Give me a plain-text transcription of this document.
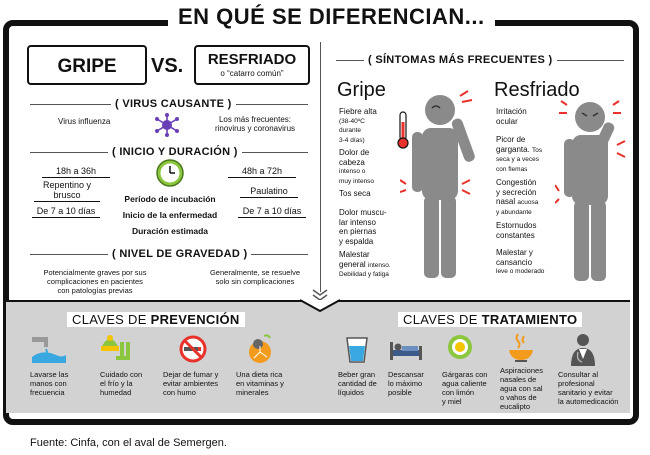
EN QUÉ SE DIFERENCIAN...
GRIPE	VS.	RESFRIADO
o “catarro común”
( VIRUS CAUSANTE )
Virus influenza	Los más frecuentes:
rinovirus y coronavirus
( INICIO Y DURACIÓN )
18h a 36h	48h a 72h
Período de incubación
Repentino y brusco	Paulatino
Inicio de la enfermedad
De 7 a 10 días	De 7 a 10 días
Duración estimada
( NIVEL DE GRAVEDAD )
Potencialmente graves por sus
complicaciones en pacientes
con patologías previas
Generalmente, se resuelve
solo sin complicaciones
( SÍNTOMAS MÁS FRECUENTES )
Gripe	Resfriado
Fiebre alta
(38-40ºC
durante
3-4 días)
Dolor de
cabeza
intenso o
muy intenso
Tos seca
Dolor muscu-
lar intenso
en piernas
y espalda
Malestar
general intenso.
Debilidad y fatiga
Irritación
ocular
Picor de
garganta. Tos
seca y a veces
con flemas
Congestión
y secreción
nasal acuosa
y abundante
Estornudos
constantes
Malestar y
cansancio
leve o moderado
CLAVES DE PREVENCIÓN	CLAVES DE TRATAMIENTO
Lavarse las
manos con
frecuencia
Cuidado con
el frío y la
humedad
Dejar de fumar y
evitar ambientes
con humo
Una dieta rica
en vitaminas y
minerales
Beber gran
cantidad de
líquidos
Descansar
lo máximo
posible
Gárgaras con
agua caliente
con limón
y miel
Aspiraciones
nasales de
agua con sal
o vahos de
eucalipto
Consultar al
profesional
sanitario y evitar
la automedicación
Fuente: Cinfa, con el aval de Semergen.
